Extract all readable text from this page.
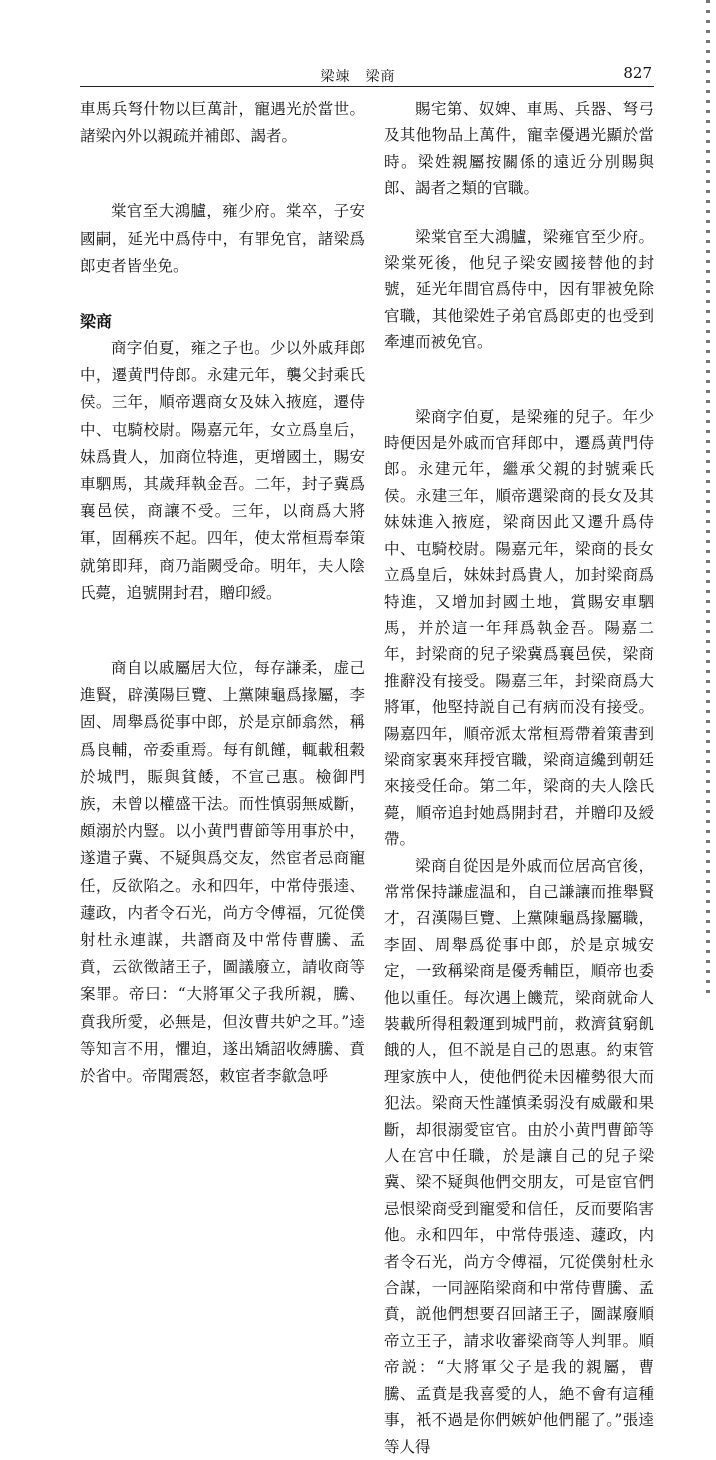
梁竦　梁商	827

車馬兵弩什物以巨萬計，寵遇光於當世。諸梁內外以親疏并補郎、謁者。

棠官至大鴻臚，雍少府。棠卒，子安國嗣，延光中爲侍中，有罪免官，諸梁爲郎吏者皆坐免。

梁商

商字伯夏，雍之子也。少以外戚拜郎中，遷黄門侍郎。永建元年，襲父封乘氏侯。三年，順帝選商女及妹入掖庭，遷侍中、屯騎校尉。陽嘉元年，女立爲皇后，妹爲貴人，加商位特進，更增國土，賜安車駟馬，其歲拜執金吾。二年，封子冀爲襄邑侯，商讓不受。三年，以商爲大將軍，固稱疾不起。四年，使太常桓焉奉策就第即拜，商乃詣闕受命。明年，夫人陰氏薨，追號開封君，贈印綬。

商自以戚屬居大位，每存謙柔，虚己進賢，辟漢陽巨覽、上黨陳龜爲掾屬，李固、周舉爲從事中郎，於是京師翕然，稱爲良輔，帝委重焉。每有飢饉，輒載租穀於城門，賑與貧餧，不宣己惠。檢御門族，未曾以權盛干法。而性慎弱無威斷，頗溺於内豎。以小黄門曹節等用事於中，遂遣子冀、不疑與爲交友，然宦者忌商寵任，反欲陷之。永和四年，中常侍張逵、蘧政，内者令石光，尚方令傅福，冗從僕射杜永連謀，共譖商及中常侍曹騰、孟賁，云欲徵諸王子，圖議廢立，請收商等案罪。帝曰：“大將軍父子我所親，騰、賁我所愛，必無是，但汝曹共妒之耳。”逵等知言不用，懼迫，遂出矯詔收縛騰、賁於省中。帝聞震怒，敕宦者李歙急呼

賜宅第、奴婢、車馬、兵器、弩弓及其他物品上萬件，寵幸優遇光顯於當時。梁姓親屬按關係的遠近分別賜與郎、謁者之類的官職。

梁棠官至大鴻臚，梁雍官至少府。梁棠死後，他兒子梁安國接替他的封號，延光年間官爲侍中，因有罪被免除官職，其他梁姓子弟官爲郎吏的也受到牽連而被免官。

梁商字伯夏，是梁雍的兒子。年少時便因是外戚而官拜郎中，遷爲黄門侍郎。永建元年，繼承父親的封號乘氏侯。永建三年，順帝選梁商的長女及其妹妹進入掖庭，梁商因此又遷升爲侍中、屯騎校尉。陽嘉元年，梁商的長女立爲皇后，妹妹封爲貴人，加封梁商爲特進，又增加封國土地，賞賜安車駟馬，并於這一年拜爲執金吾。陽嘉二年，封梁商的兒子梁冀爲襄邑侯，梁商推辭没有接受。陽嘉三年，封梁商爲大將軍，他堅持説自己有病而没有接受。陽嘉四年，順帝派太常桓焉帶着策書到梁商家裏來拜授官職，梁商這纔到朝廷來接受任命。第二年，梁商的夫人陰氏薨，順帝追封她爲開封君，并贈印及綬帶。

梁商自從因是外戚而位居高官後，常常保持謙虚温和，自己謙讓而推舉賢才，召漢陽巨覽、上黨陳龜爲掾屬職，李固、周舉爲從事中郎，於是京城安定，一致稱梁商是優秀輔臣，順帝也委他以重任。每次遇上饑荒，梁商就命人裝載所得租穀運到城門前，救濟貧窮飢餓的人，但不説是自己的恩惠。約束管理家族中人，使他們從未因權勢很大而犯法。梁商天性謹慎柔弱没有威嚴和果斷，却很溺愛宦官。由於小黄門曹節等人在宫中任職，於是讓自己的兒子梁冀、梁不疑與他們交朋友，可是宦官們忌恨梁商受到寵愛和信任，反而要陷害他。永和四年，中常侍張逵、蘧政，内者令石光，尚方令傅福，冗從僕射杜永合謀，一同誣陷梁商和中常侍曹騰、孟賁，説他們想要召回諸王子，圖謀廢順帝立王子，請求收審梁商等人判罪。順帝説：“大將軍父子是我的親屬，曹騰、孟賁是我喜愛的人，絶不會有這種事，衹不過是你們嫉妒他們罷了。”張逵等人得
